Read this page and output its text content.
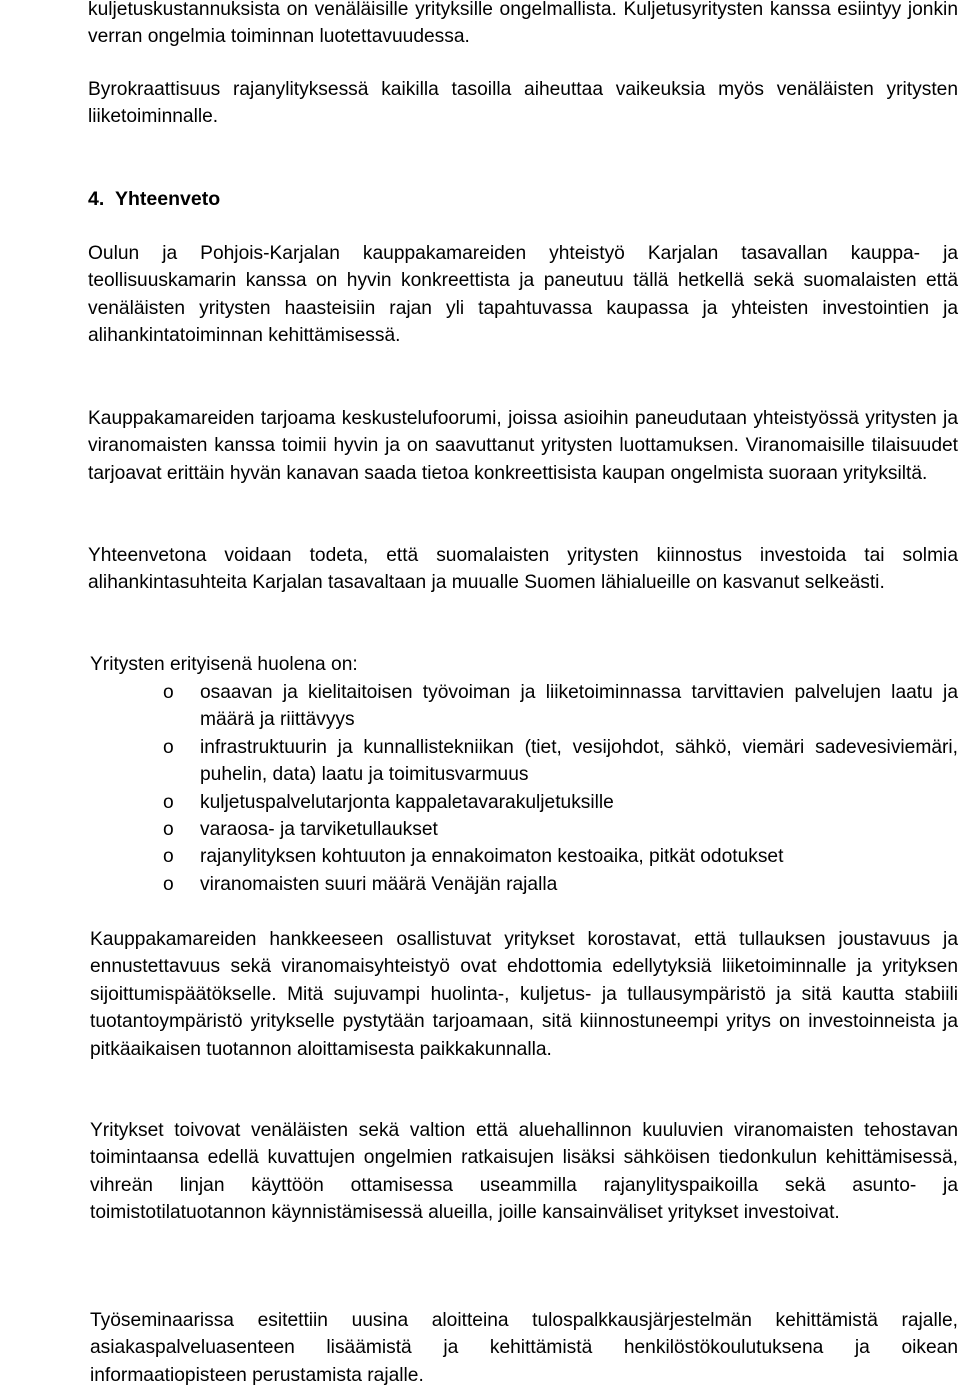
kuljetuskustannuksista on venäläisille yrityksille ongelmallista. Kuljetusyritysten kanssa esiintyy jonkin verran ongelmia toiminnan luotettavuudessa.

Byrokraattisuus rajanylityksessä kaikilla tasoilla aiheuttaa vaikeuksia myös venäläisten yritysten liiketoiminnalle.

4. Yhteenveto

Oulun ja Pohjois-Karjalan kauppakamareiden yhteistyö Karjalan tasavallan kauppa- ja teollisuuskamarin kanssa on hyvin konkreettista ja paneutuu tällä hetkellä sekä suomalaisten että venäläisten yritysten haasteisiin rajan yli tapahtuvassa kaupassa ja yhteisten investointien ja alihankintatoiminnan kehittämisessä.

Kauppakamareiden tarjoama keskustelufoorumi, joissa asioihin paneudutaan yhteistyössä yritysten ja viranomaisten kanssa toimii hyvin ja on saavuttanut yritysten luottamuksen. Viranomaisille tilaisuudet tarjoavat erittäin hyvän kanavan saada tietoa konkreettisista kaupan ongelmista suoraan yrityksiltä.

Yhteenvetona voidaan todeta, että suomalaisten yritysten kiinnostus investoida tai solmia alihankintasuhteita Karjalan tasavaltaan ja muualle Suomen lähialueille on kasvanut selkeästi.

Yritysten erityisenä huolena on:

o osaavan ja kielitaitoisen työvoiman ja liiketoiminnassa tarvittavien palvelujen laatu ja määrä ja riittävyys
o infrastruktuurin ja kunnallistekniikan (tiet, vesijohdot, sähkö, viemäri sadevesiviemäri, puhelin, data) laatu ja toimitusvarmuus
o kuljetuspalvelutarjonta kappaletavarakuljetuksille
o varaosa- ja tarviketullaukset
o rajanylityksen kohtuuton ja ennakoimaton kestoaika, pitkät odotukset
o viranomaisten suuri määrä Venäjän rajalla

Kauppakamareiden hankkeeseen osallistuvat yritykset korostavat, että tullauksen joustavuus ja ennustettavuus sekä viranomaisyhteistyö ovat ehdottomia edellytyksiä liiketoiminnalle ja yrityksen sijoittumispäätökselle. Mitä sujuvampi huolinta-, kuljetus- ja tullausympäristö ja sitä kautta stabiili tuotantoympäristö yritykselle pystytään tarjoamaan, sitä kiinnostuneempi yritys on investoinneista ja pitkäaikaisen tuotannon aloittamisesta paikkakunnalla.

Yritykset toivovat venäläisten sekä valtion että aluehallinnon kuuluvien viranomaisten tehostavan toimintaansa edellä kuvattujen ongelmien ratkaisujen lisäksi sähköisen tiedonkulun kehittämisessä, vihreän linjan käyttöön ottamisessa useammilla rajanylityspaikoilla sekä asunto- ja toimistotilatuotannon käynnistämisessä alueilla, joille kansainväliset yritykset investoivat.

Työseminaarissa esitettiin uusina aloitteina tulospalkkausjärjestelmän kehittämistä rajalle, asiakaspalveluasenteen lisäämistä ja kehittämistä henkilöstökoulutuksena ja oikean informaatiopisteen perustamista rajalle.
